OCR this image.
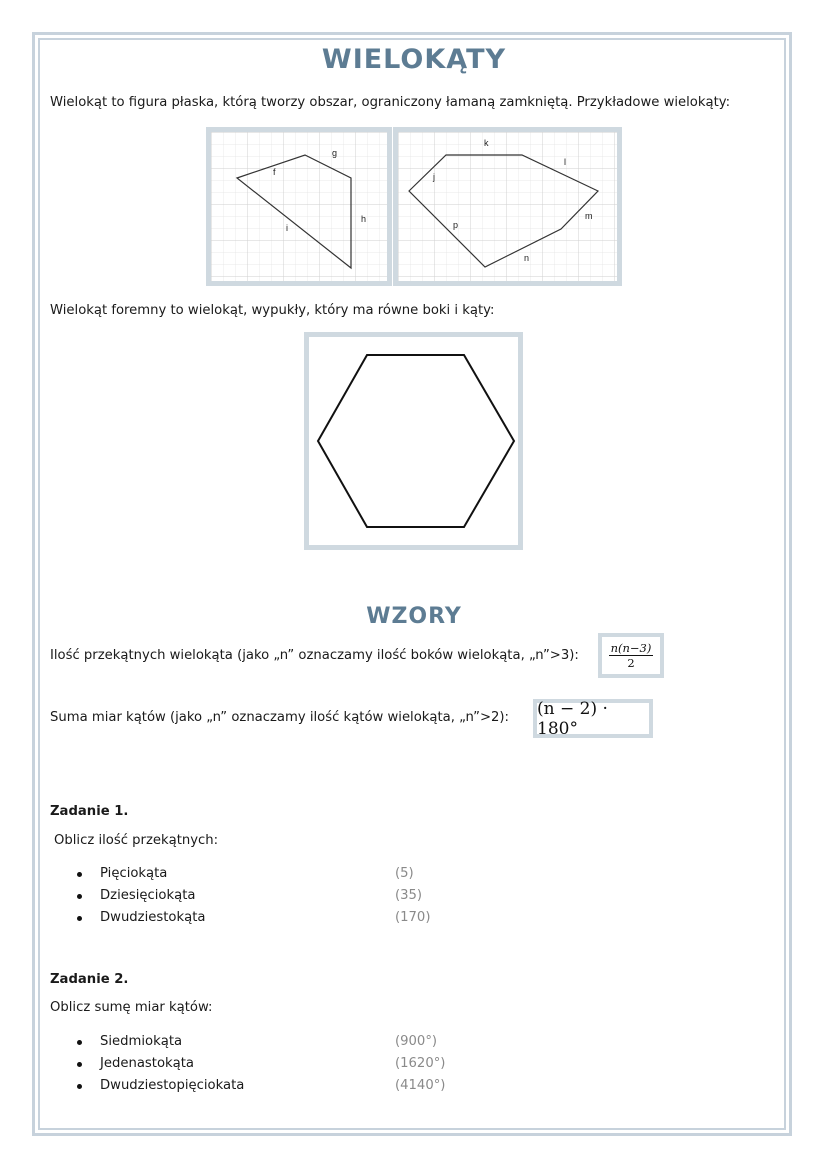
WIELOKĄTY
Wielokąt to figura płaska, którą tworzy obszar, ograniczony łamaną zamkniętą. Przykładowe wielokąty:
f
g
h
i
k
l
j
m
p
n
Wielokąt foremny to wielokąt, wypukły, który ma równe boki i kąty:
WZORY
Ilość przekątnych wielokąta (jako „n” oznaczamy ilość boków wielokąta, „n”>3):	$\frac{n(n-3)}{2}$
Suma miar kątów (jako „n” oznaczamy ilość kątów wielokąta, „n”>2): (n − 2) · 180°
Zadanie 1.
Oblicz ilość przekątnych:
Pięciokąta	(5)
Dziesięciokąta	(35)
Dwudziestokąta	(170)
Zadanie 2.
Oblicz sumę miar kątów:
Siedmiokąta	(900°)
Jedenastokąta	(1620°)
Dwudziestopięciokata	(4140°)
